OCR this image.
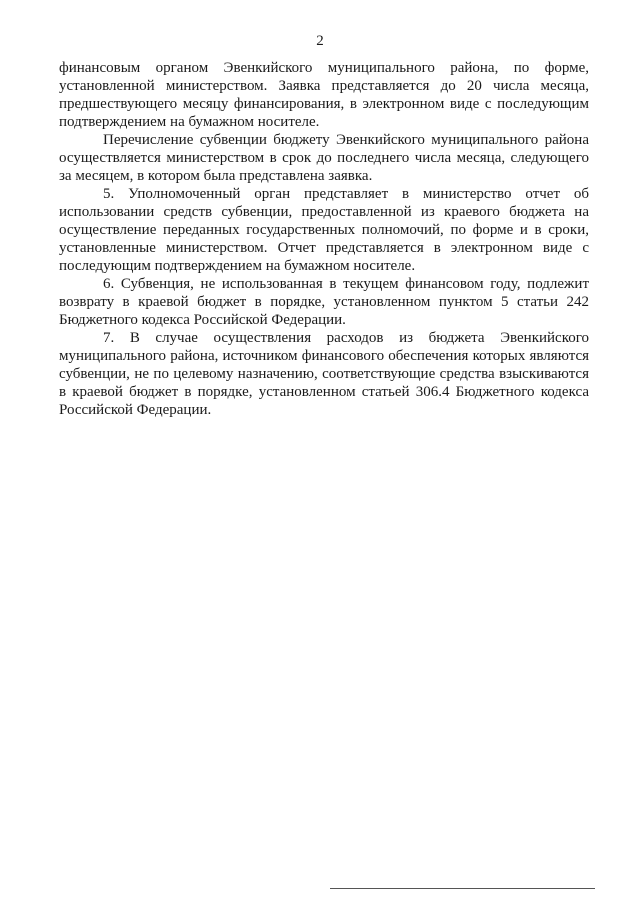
2

финансовым органом Эвенкийского муниципального района, по форме, установленной министерством. Заявка представляется до 20 числа месяца, предшествующего месяцу финансирования, в электронном виде с последующим подтверждением на бумажном носителе.

Перечисление субвенции бюджету Эвенкийского муниципального района осуществляется министерством в срок до последнего числа месяца, следующего за месяцем, в котором была представлена заявка.

5. Уполномоченный орган представляет в министерство отчет об использовании средств субвенции, предоставленной из краевого бюджета на осуществление переданных государственных полномочий, по форме и в сроки, установленные министерством. Отчет представляется в электронном виде с последующим подтверждением на бумажном носителе.

6. Субвенция, не использованная в текущем финансовом году, подлежит возврату в краевой бюджет в порядке, установленном пунктом 5 статьи 242 Бюджетного кодекса Российской Федерации.

7. В случае осуществления расходов из бюджета Эвенкийского муниципального района, источником финансового обеспечения которых являются субвенции, не по целевому назначению, соответствующие средства взыскиваются в краевой бюджет в порядке, установленном статьей 306.4 Бюджетного кодекса Российской Федерации.
